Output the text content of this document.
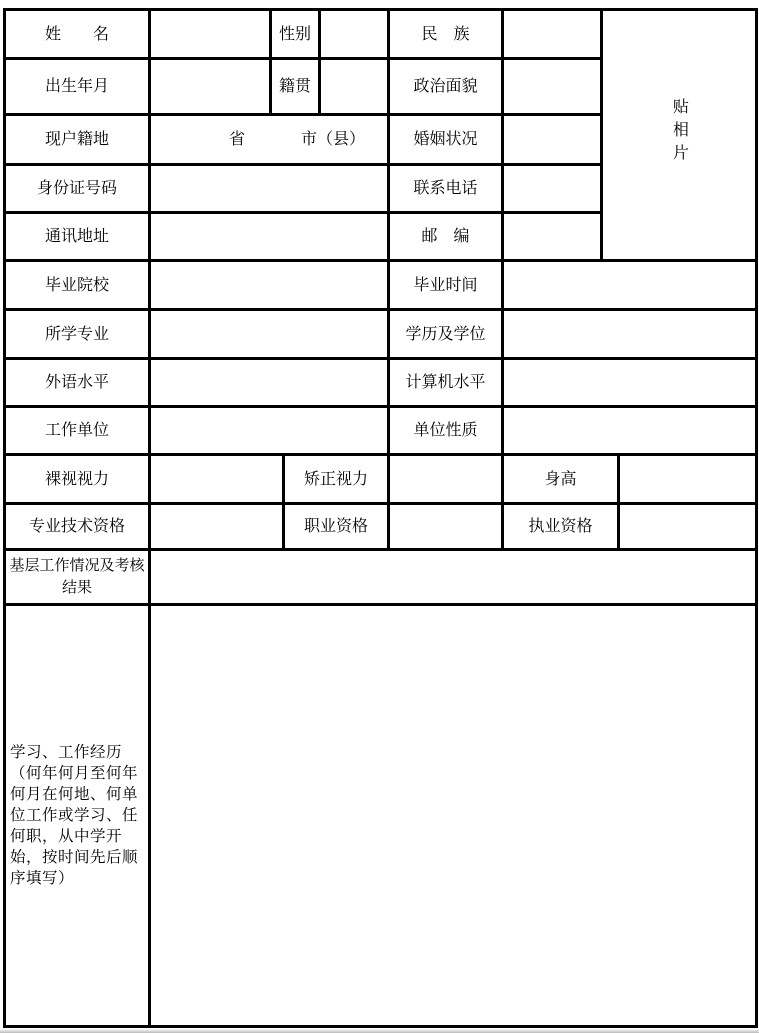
姓　　名		性别			民　族		贴相片	
出生年月		籍贯			政治面貌			
现户籍地	省 市（县）				婚姻状况			
身份证号码					联系电话			
通讯地址					邮　编			
毕业院校					毕业时间			
所学专业					学历及学位			
外语水平					计算机水平			
工作单位					单位性质			
裸视视力			矫正视力			身高		
专业技术资格			职业资格			执业资格		
基层工作情况及考核结果								
学习、工作经历（何年何月至何年何月在何地、何单位工作或学习、任何职，从中学开始，按时间先后顺序填写）								
